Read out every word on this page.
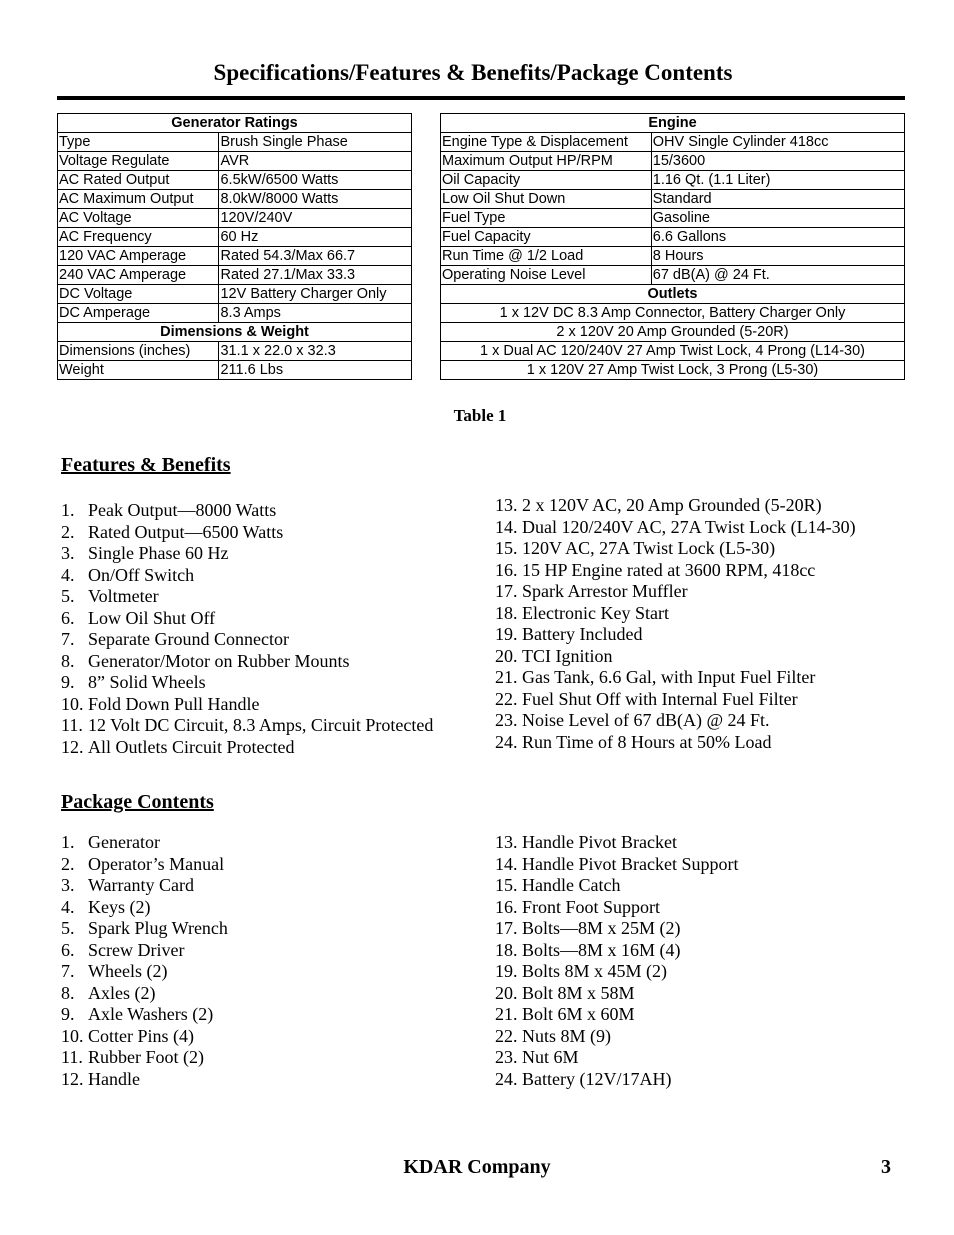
Specifications/Features & Benefits/Package Contents
Generator Ratings	
Type	Brush Single Phase
Voltage Regulate	AVR
AC Rated Output	6.5kW/6500 Watts
AC Maximum Output	8.0kW/8000 Watts
AC Voltage	120V/240V
AC Frequency	60 Hz
120 VAC Amperage	Rated 54.3/Max 66.7
240 VAC Amperage	Rated 27.1/Max 33.3
DC Voltage	12V Battery Charger Only
DC Amperage	8.3 Amps
Dimensions & Weight	
Dimensions (inches)	31.1 x 22.0 x 32.3
Weight	211.6 Lbs
Engine	
Engine Type & Displacement	OHV Single Cylinder 418cc
Maximum Output HP/RPM	15/3600
Oil Capacity	1.16 Qt. (1.1 Liter)
Low Oil Shut Down	Standard
Fuel Type	Gasoline
Fuel Capacity	6.6 Gallons
Run Time @ 1/2 Load	8 Hours
Operating Noise Level	67 dB(A) @ 24 Ft.
Outlets	
1 x 12V DC 8.3 Amp Connector, Battery Charger Only	
2 x 120V 20 Amp Grounded (5-20R)	
1 x Dual AC 120/240V 27 Amp Twist Lock, 4 Prong (L14-30)	
1 x 120V 27 Amp Twist Lock, 3 Prong (L5-30)	
Table 1
Features & Benefits
1. Peak Output—8000 Watts
2. Rated Output—6500 Watts
3. Single Phase 60 Hz
4. On/Off Switch
5. Voltmeter
6. Low Oil Shut Off
7. Separate Ground Connector
8. Generator/Motor on Rubber Mounts
9. 8” Solid Wheels
10. Fold Down Pull Handle
11. 12 Volt DC Circuit, 8.3 Amps, Circuit Protected
12. All Outlets Circuit Protected
13. 2 x 120V AC, 20 Amp Grounded (5-20R)
14. Dual 120/240V AC, 27A Twist Lock (L14-30)
15. 120V AC, 27A Twist Lock (L5-30)
16. 15 HP Engine rated at 3600 RPM, 418cc
17. Spark Arrestor Muffler
18. Electronic Key Start
19. Battery Included
20. TCI Ignition
21. Gas Tank, 6.6 Gal, with Input Fuel Filter
22. Fuel Shut Off with Internal Fuel Filter
23. Noise Level of 67 dB(A) @ 24 Ft.
24. Run Time of 8 Hours at 50% Load
Package Contents
1. Generator
2. Operator’s Manual
3. Warranty Card
4. Keys (2)
5. Spark Plug Wrench
6. Screw Driver
7. Wheels (2)
8. Axles (2)
9. Axle Washers (2)
10. Cotter Pins (4)
11. Rubber Foot (2)
12. Handle
13. Handle Pivot Bracket
14. Handle Pivot Bracket Support
15. Handle Catch
16. Front Foot Support
17. Bolts—8M x 25M (2)
18. Bolts—8M x 16M (4)
19. Bolts 8M x 45M (2)
20. Bolt 8M x 58M
21. Bolt 6M x 60M
22. Nuts 8M (9)
23. Nut 6M
24. Battery (12V/17AH)
KDAR Company	3
